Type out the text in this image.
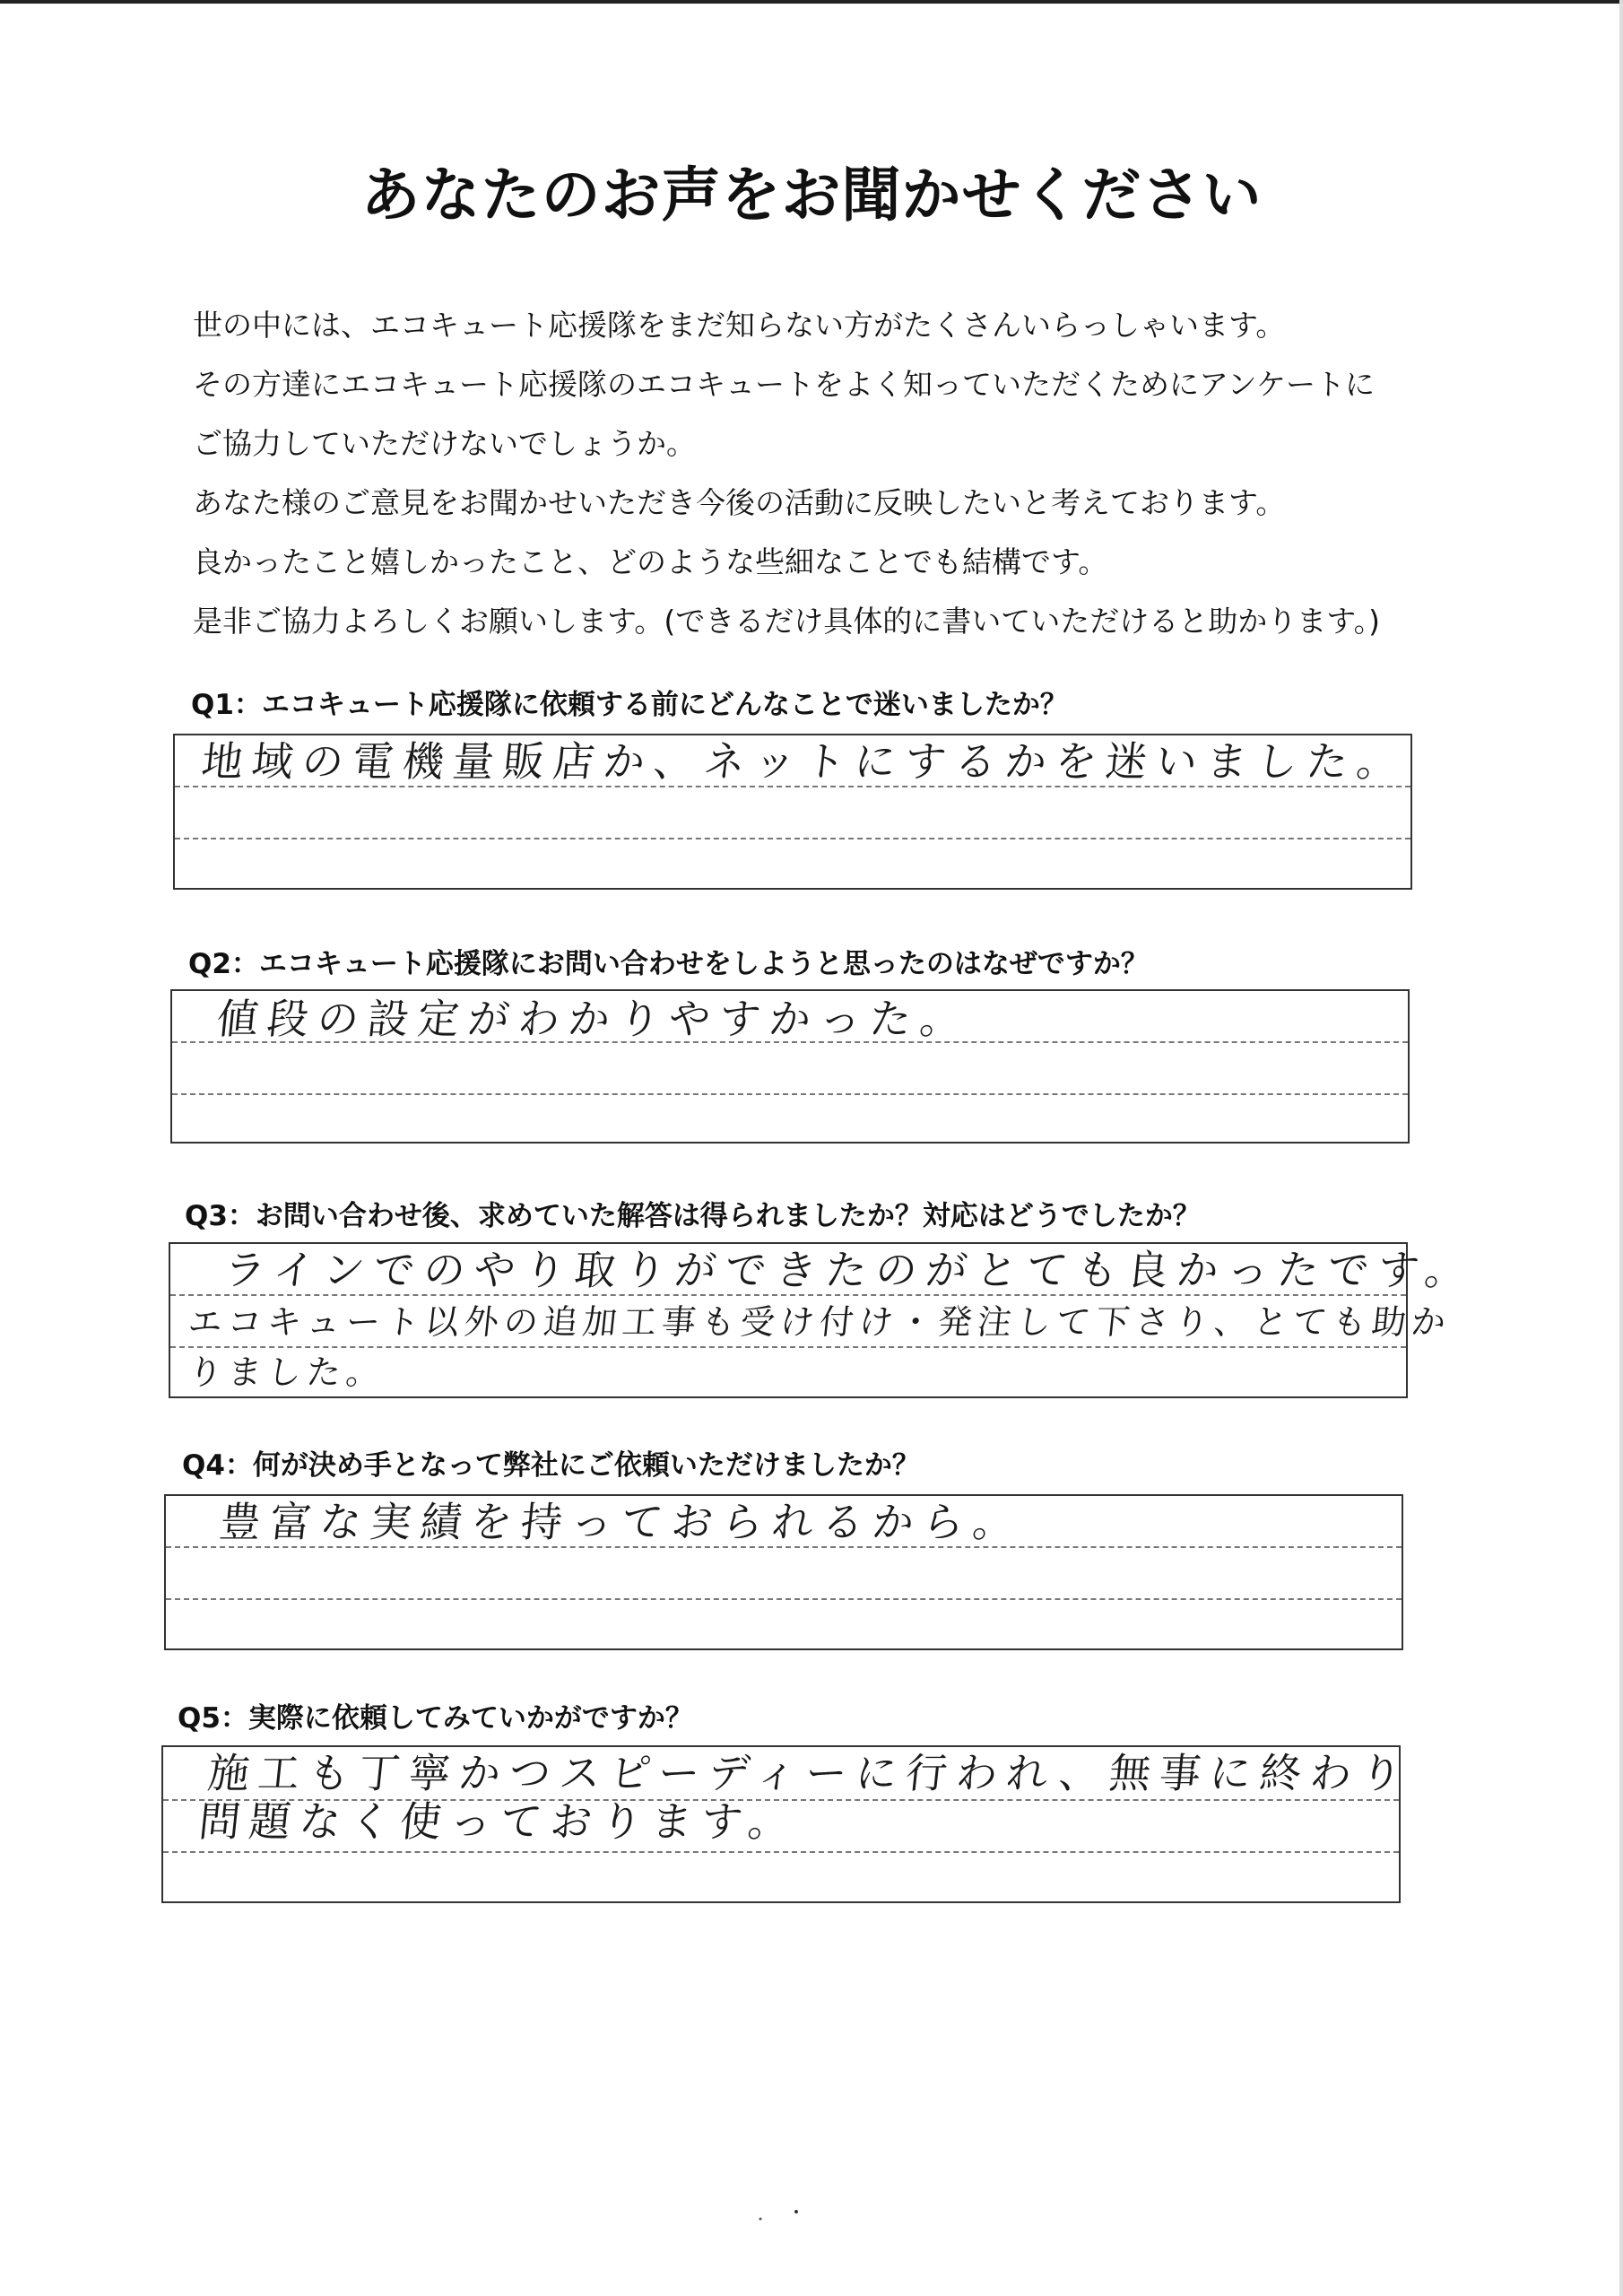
あなたのお声をお聞かせください
世の中には、エコキュート応援隊をまだ知らない方がたくさんいらっしゃいます。
その方達にエコキュート応援隊のエコキュートをよく知っていただくためにアンケートに
ご協力していただけないでしょうか。
あなた様のご意見をお聞かせいただき今後の活動に反映したいと考えております。
良かったこと嬉しかったこと、どのような些細なことでも結構です。
是非ご協力よろしくお願いします。(できるだけ具体的に書いていただけると助かります。)
Q1：エコキュート応援隊に依頼する前にどんなことで迷いましたか？
地域の電機量販店か、ネットにするかを迷いました。
Q2：エコキュート応援隊にお問い合わせをしようと思ったのはなぜですか？
値段の設定がわかりやすかった。
Q3：お問い合わせ後、求めていた解答は得られましたか？対応はどうでしたか？
ラインでのやり取りができたのがとても良かったです。
エコキュート以外の追加工事も受け付け・発注して下さり、とても助か
りました。
Q4：何が決め手となって弊社にご依頼いただけましたか？
豊富な実績を持っておられるから。
Q5：実際に依頼してみていかがですか？
施工も丁寧かつスピーディーに行われ、無事に終わり
問題なく使っております。
